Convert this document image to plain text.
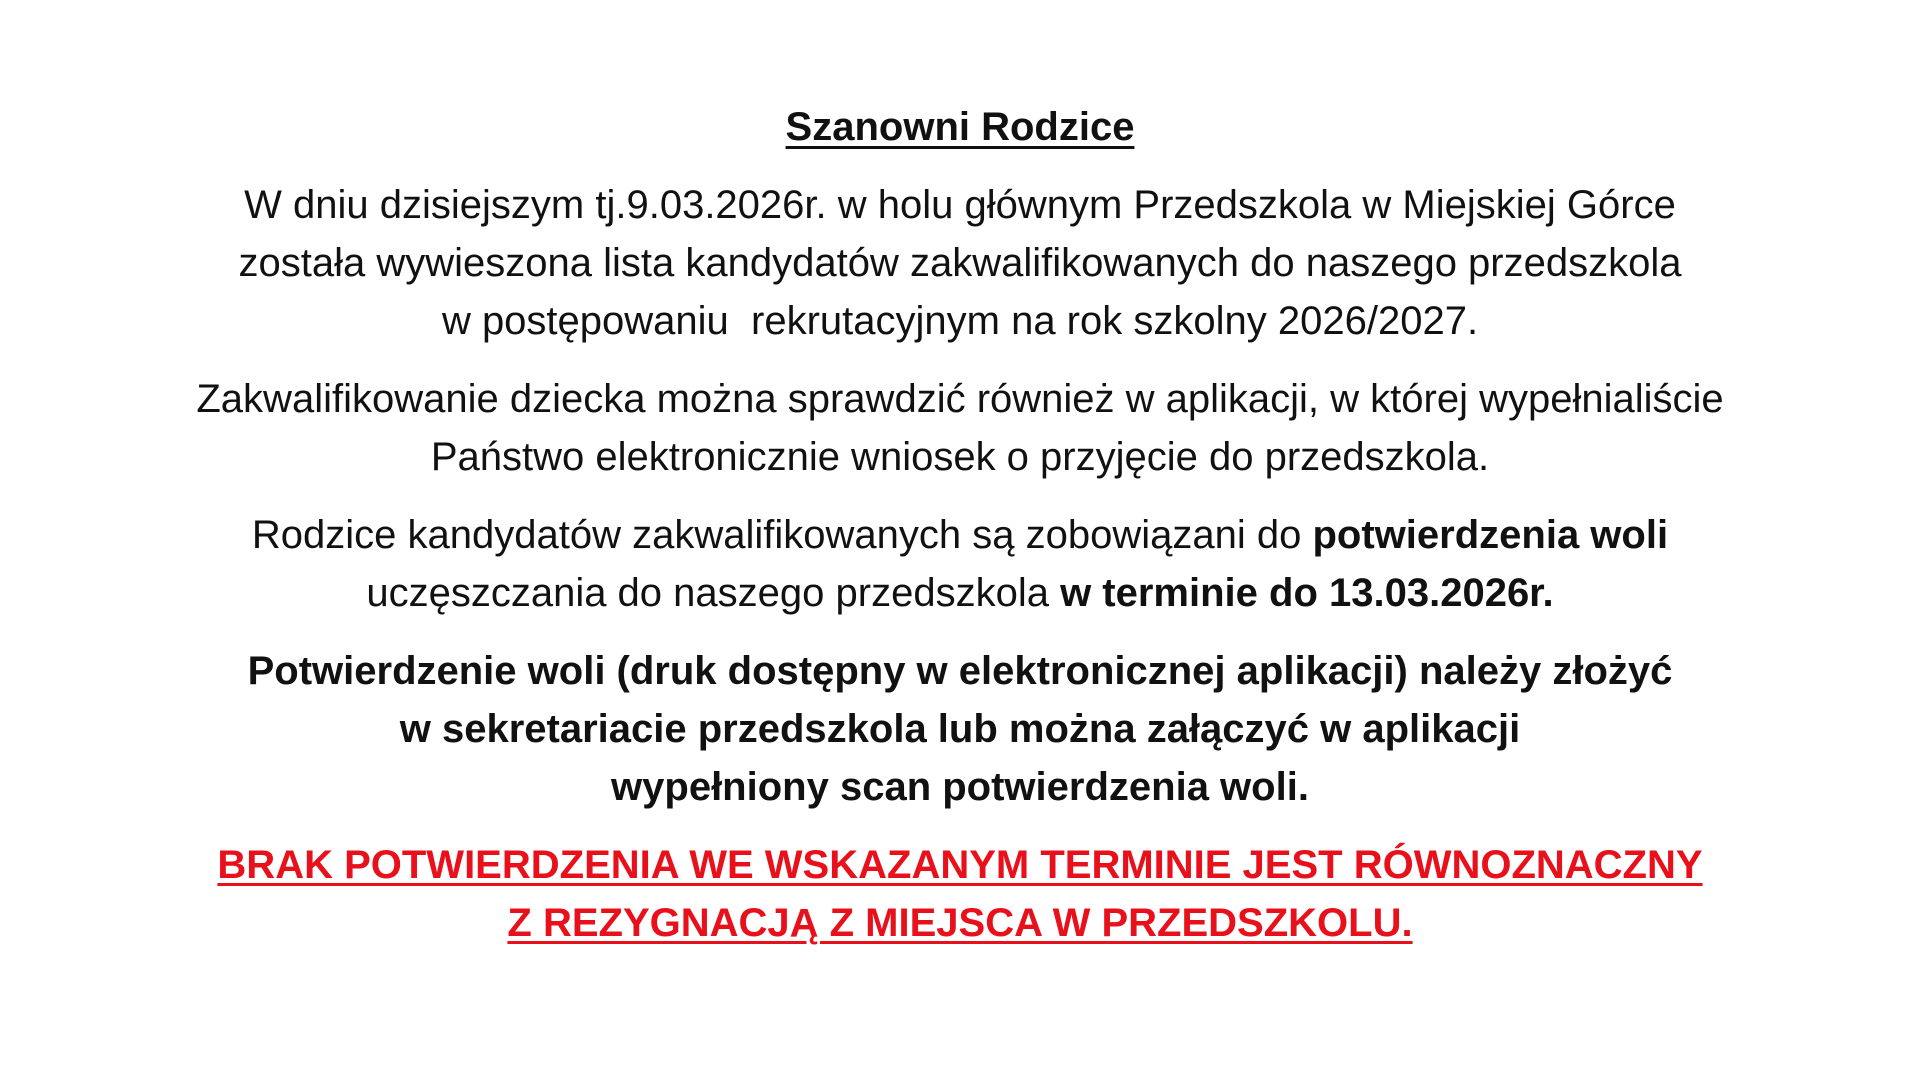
Szanowni Rodzice
W dniu dzisiejszym tj.9.03.2026r. w holu głównym Przedszkola w Miejskiej Górce
została wywieszona lista kandydatów zakwalifikowanych do naszego przedszkola
w postępowaniu  rekrutacyjnym na rok szkolny 2026/2027.
Zakwalifikowanie dziecka można sprawdzić również w aplikacji, w której wypełnialiście
Państwo elektronicznie wniosek o przyjęcie do przedszkola.
Rodzice kandydatów zakwalifikowanych są zobowiązani do potwierdzenia woli
uczęszczania do naszego przedszkola w terminie do 13.03.2026r.
Potwierdzenie woli (druk dostępny w elektronicznej aplikacji) należy złożyć
w sekretariacie przedszkola lub można załączyć w aplikacji
wypełniony scan potwierdzenia woli.
BRAK POTWIERDZENIA WE WSKAZANYM TERMINIE JEST RÓWNOZNACZNY
Z REZYGNACJĄ Z MIEJSCA W PRZEDSZKOLU.
